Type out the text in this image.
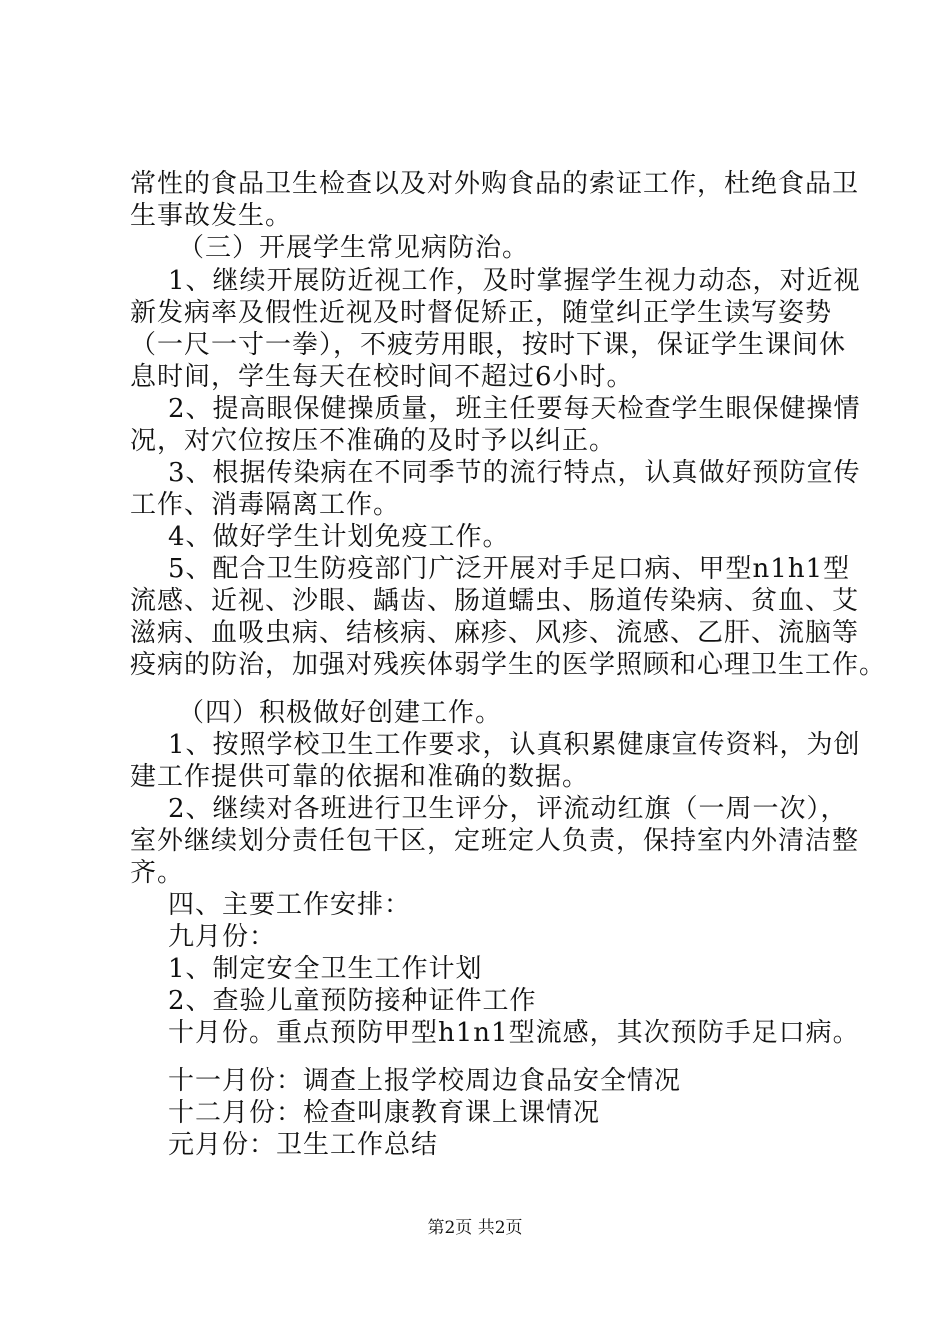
常性的食品卫生检查以及对外购食品的索证工作，杜绝食品卫
生事故发生。
（三）开展学生常见病防治。
1、继续开展防近视工作，及时掌握学生视力动态，对近视
新发病率及假性近视及时督促矫正，随堂纠正学生读写姿势
（一尺一寸一拳），不疲劳用眼，按时下课，保证学生课间休
息时间，学生每天在校时间不超过6小时。
2、提高眼保健操质量，班主任要每天检查学生眼保健操情
况，对穴位按压不准确的及时予以纠正。
3、根据传染病在不同季节的流行特点，认真做好预防宣传
工作、消毒隔离工作。
4、做好学生计划免疫工作。
5、配合卫生防疫部门广泛开展对手足口病、甲型n1h1型
流感、近视、沙眼、龋齿、肠道蠕虫、肠道传染病、贫血、艾
滋病、血吸虫病、结核病、麻疹、风疹、流感、乙肝、流脑等
疫病的防治，加强对残疾体弱学生的医学照顾和心理卫生工作。
（四）积极做好创建工作。
1、按照学校卫生工作要求，认真积累健康宣传资料，为创
建工作提供可靠的依据和准确的数据。
2、继续对各班进行卫生评分，评流动红旗（一周一次），
室外继续划分责任包干区，定班定人负责，保持室内外清洁整
齐。
四、主要工作安排：
九月份：
1、制定安全卫生工作计划
2、查验儿童预防接种证件工作
十月份。重点预防甲型h1n1型流感，其次预防手足口病。
十一月份：调查上报学校周边食品安全情况
十二月份：检查叫康教育课上课情况
元月份：卫生工作总结
第2页 共2页
